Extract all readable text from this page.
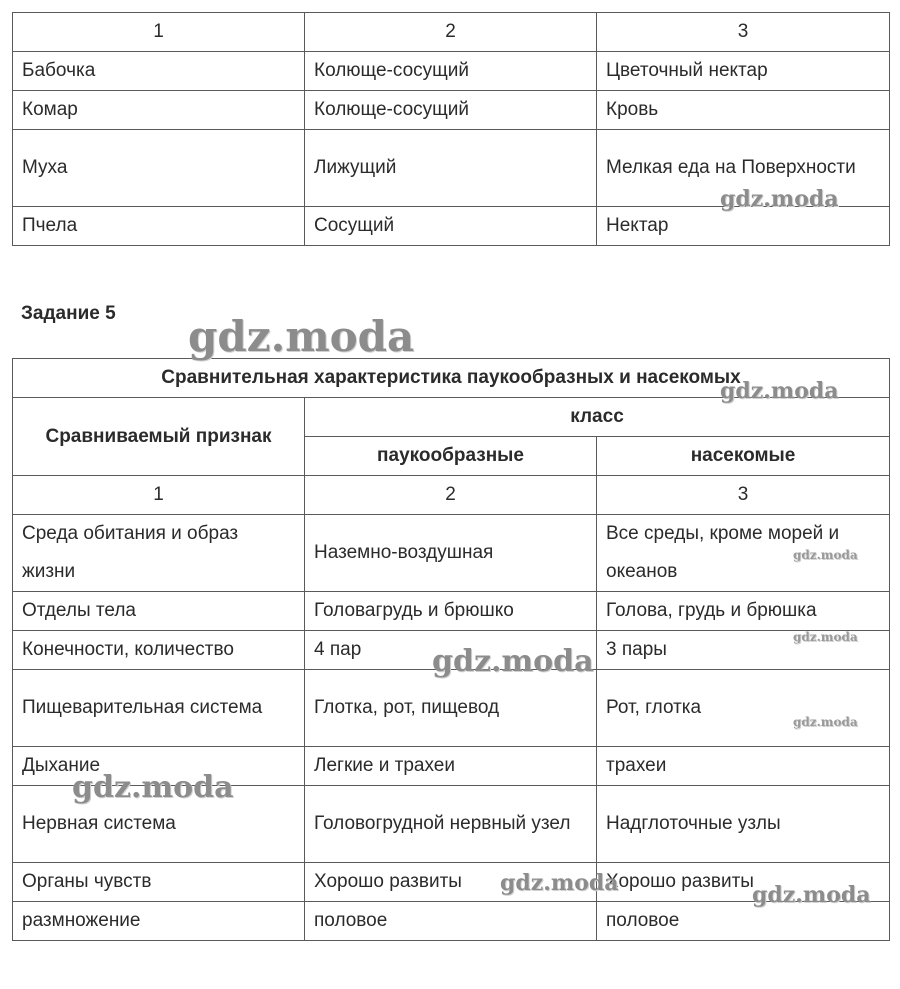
1	2	3
Бабочка	Колюще-сосущий	Цветочный нектар
Комар	Колюще-сосущий	Кровь
Муха	Лижущий	Мелкая еда на Поверхности
Пчела	Сосущий	Нектар

Задание 5

Сравнительная характеристика паукообразных и насекомых		
Сравниваемый признак	класс	
	паукообразные	насекомые
1	2	3
Среда обитания и образ жизни	Наземно-воздушная	Все среды, кроме морей и океанов
Отделы тела	Головагрудь и брюшко	Голова, грудь и брюшка
Конечности, количество	4 пар	3 пары
Пищеварительная система	Глотка, рот, пищевод	Рот, глотка
Дыхание	Легкие и трахеи	трахеи
Нервная система	Головогрудной нервный узел	Надглоточные узлы
Органы чувств	Хорошо развиты	Хорошо развиты
размножение	половое	половое
gdz.moda
gdz.moda
gdz.moda
gdz.moda
gdz.moda
gdz.moda
gdz.moda
gdz.moda
gdz.moda	gdz.moda
